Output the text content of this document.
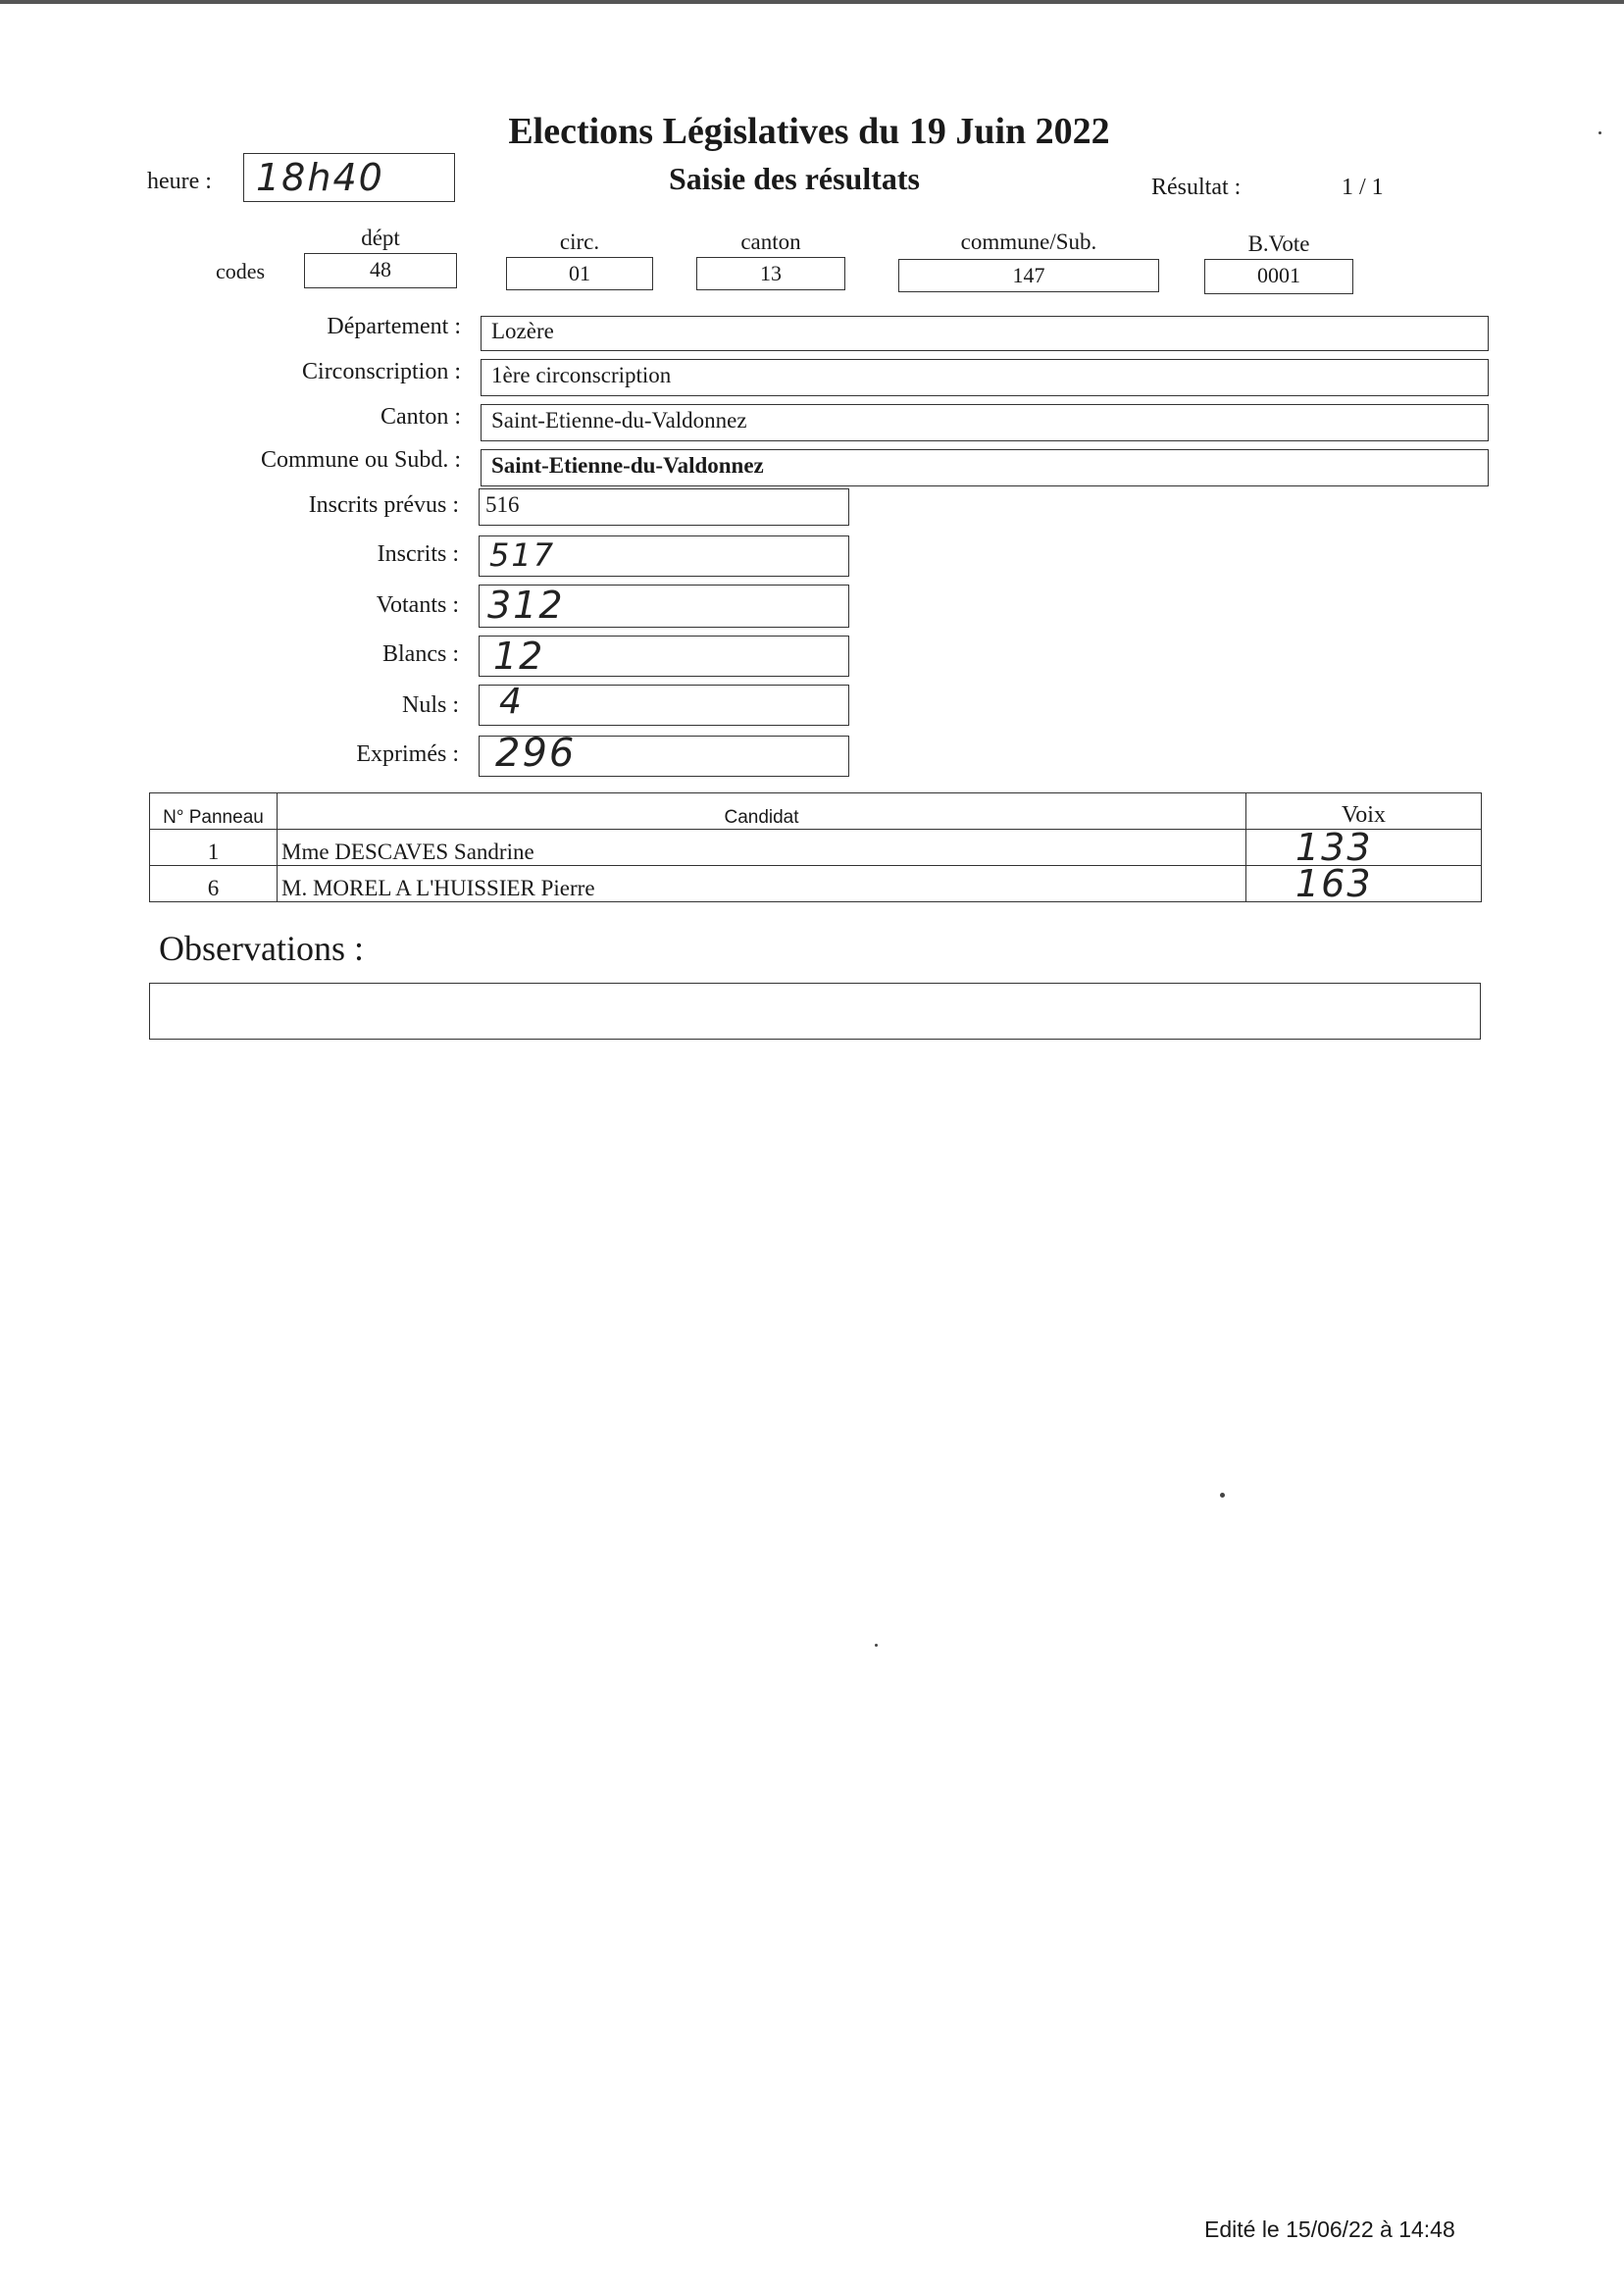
Elections Législatives du 19 Juin 2022
Saisie des résultats
heure :	18h40	Résultat :	1 / 1
codes
dépt
48
circ.
01
canton
13
commune/Sub.
147
B.Vote
0001
Département : Lozère
Circonscription : 1ère circonscription
Canton : Saint-Etienne-du-Valdonnez
Commune ou Subd. : Saint-Etienne-du-Valdonnez
Inscrits prévus : 516
Inscrits : 517
Votants : 312
Blancs : 12
Nuls : 4
Exprimés : 296
N° Panneau	Candidat	Voix
1	Mme DESCAVES Sandrine	133

6	M. MOREL A L'HUISSIER Pierre	163
Observations :
Edité le 15/06/22 à 14:48
